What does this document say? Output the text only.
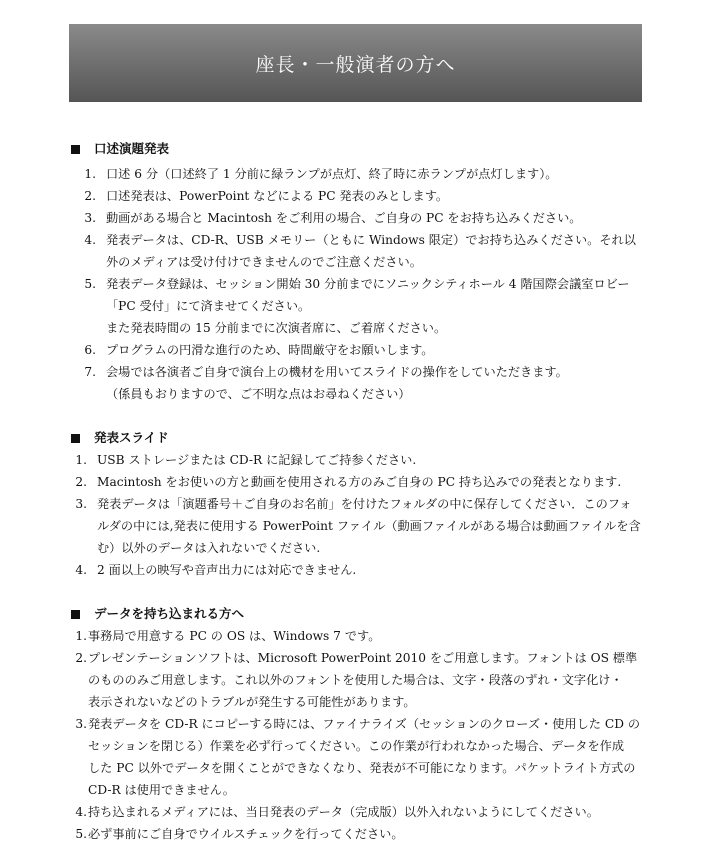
座長・一般演者の方へ
口述演題発表
1. 口述 6 分（口述終了 1 分前に緑ランプが点灯、終了時に赤ランプが点灯します）。
2. 口述発表は、PowerPoint などによる PC 発表のみとします。
3. 動画がある場合と Macintosh をご利用の場合、ご自身の PC をお持ち込みください。
4. 発表データは、CD-R、USB メモリー（ともに Windows 限定）でお持ち込みください。それ以
外のメディアは受け付けできませんのでご注意ください。
5. 発表データ登録は、セッション開始 30 分前までにソニックシティホール 4 階国際会議室ロビー
「PC 受付」にて済ませてください。
また発表時間の 15 分前までに次演者席に、ご着席ください。
6. プログラムの円滑な進行のため、時間厳守をお願いします。
7. 会場では各演者ご自身で演台上の機材を用いてスライドの操作をしていただきます。
（係員もおりますので、ご不明な点はお尋ねください）
発表スライド
1. USB ストレージまたは CD-R に記録してご持参ください.
2. Macintosh をお使いの方と動画を使用される方のみご自身の PC 持ち込みでの発表となります.
3. 発表データは「演題番号＋ご自身のお名前」を付けたフォルダの中に保存してください．このフォ
ルダの中には,発表に使用する PowerPoint ファイル（動画ファイルがある場合は動画ファイルを含
む）以外のデータは入れないでください.
4. 2 面以上の映写や音声出力には対応できません.
データを持ち込まれる方へ
1. 事務局で用意する PC の OS は、Windows 7 です。
2. プレゼンテーションソフトは、Microsoft PowerPoint 2010 をご用意します。フォントは OS 標準
のもののみご用意します。これ以外のフォントを使用した場合は、文字・段落のずれ・文字化け・
表示されないなどのトラブルが発生する可能性があります。
3. 発表データを CD-R にコピーする時には、ファイナライズ（セッションのクローズ・使用した CD の
セッションを閉じる）作業を必ず行ってください。この作業が行われなかった場合、データを作成
した PC 以外でデータを開くことができなくなり、発表が不可能になります。パケットライト方式の
CD-R は使用できません。
4. 持ち込まれるメディアには、当日発表のデータ（完成版）以外入れないようにしてください。
5. 必ず事前にご自身でウイルスチェックを行ってください。
